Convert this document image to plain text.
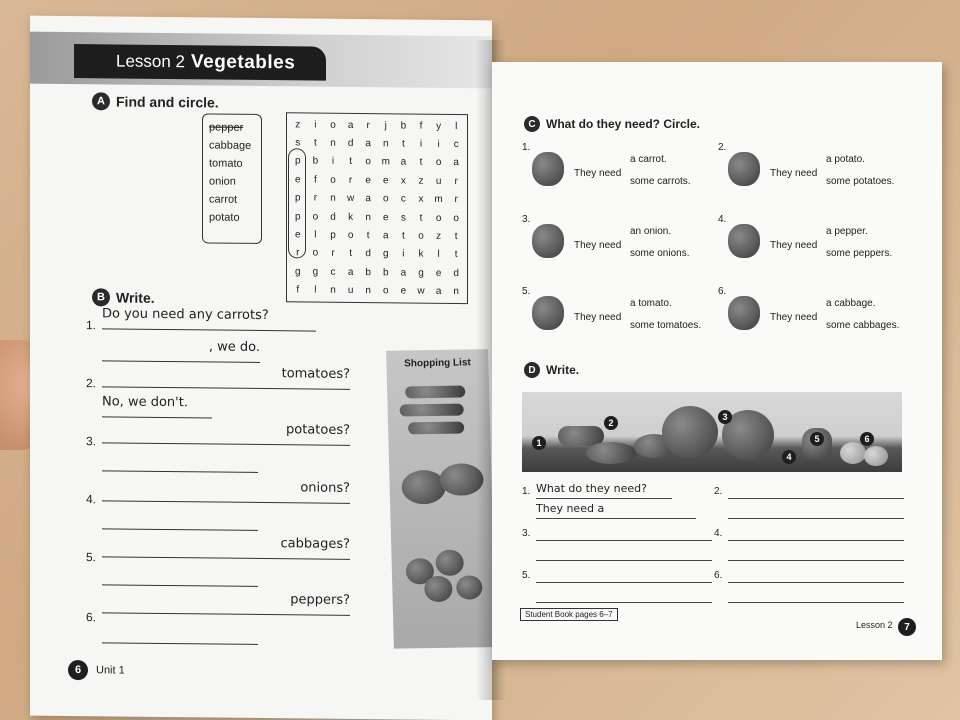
Lesson 2 Vegetables
A Find and circle.
pepper
cabbage
tomato
onion
carrot
potato
z	i	o	a	r	j	b	f	y	l
s	t	n	d	a	n	t	i	i	c
p	b	i	t	o	m	a	t	o	a
e	f	o	r	e	e	x	z	u	r
p	r	n	w	a	o	c	x	m	r
p	o	d	k	n	e	s	t	o	o
e	l	p	o	t	a	t	o	z	t
r	o	r	t	d	g	i	k	l	t
g	g	c	a	b	b	a	g	e	d
f	l	n	u	n	o	e	w	a	n
B Write.
1.
Do you need any carrots?
, we do.
2.
tomatoes?
No, we don't.
3.
potatoes?
4.
onions?
5.
cabbages?
6.
peppers?
Shopping List
6	Unit 1
C What do they need? Circle.
D Write.
1
2
3
4
5	6
Student Book pages 6–7
Lesson 2	7
1.
They need
a carrot.
some carrots.
2.
They need
a potato.
some potatoes.
3.
They need
an onion.
some onions.
4.
They need
a pepper.
some peppers.
5.
They need
a tomato.
some tomatoes.
6.
They need
a cabbage.
some cabbages.
1. What do they need?
They need a
2.
3.	4.
5.	6.
